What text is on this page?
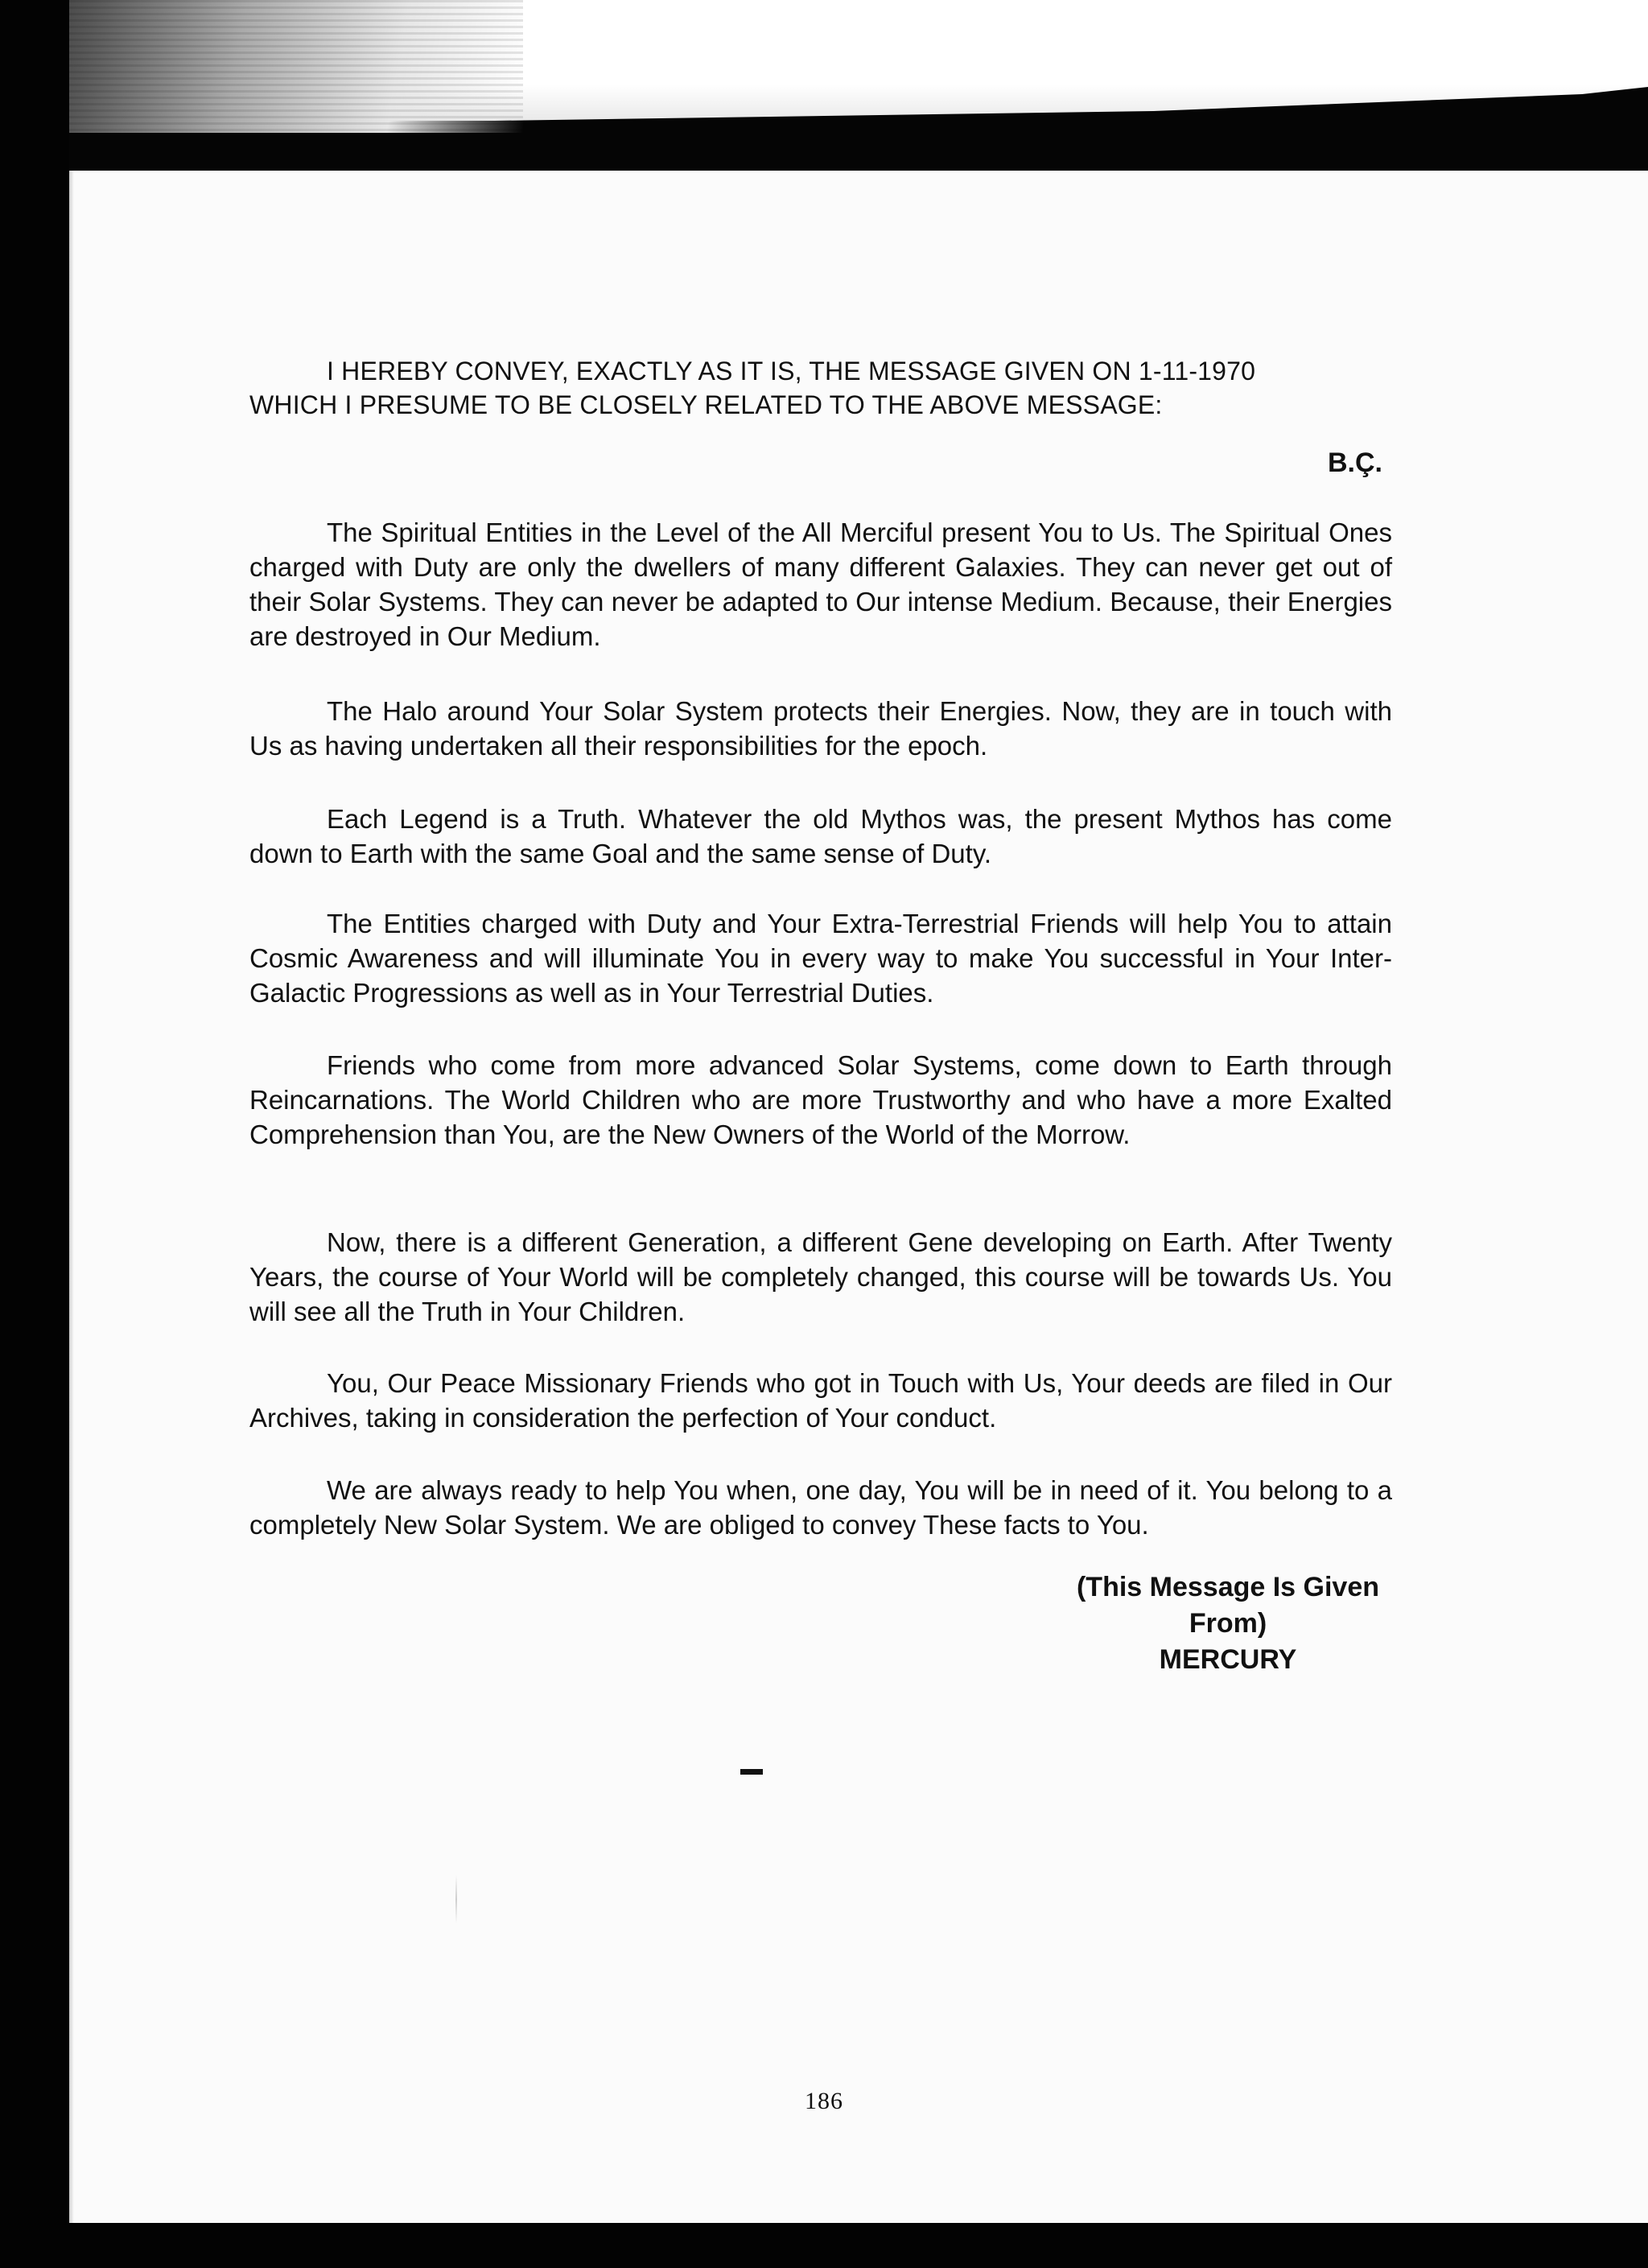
I HEREBY CONVEY, EXACTLY AS IT IS, THE MESSAGE GIVEN ON 1-11-1970
WHICH I PRESUME TO BE CLOSELY RELATED TO THE ABOVE MESSAGE:
B.Ç.

The Spiritual Entities in the Level of the All Merciful present You to Us. The Spiritual Ones charged with Duty are only the dwellers of many different Galaxies. They can never get out of their Solar Systems. They can never be adapted to Our intense Medium. Because, their Energies are destroyed in Our Medium.

The Halo around Your Solar System protects their Energies. Now, they are in touch with Us as having undertaken all their responsibilities for the epoch.

Each Legend is a Truth. Whatever the old Mythos was, the present Mythos has come down to Earth with the same Goal and the same sense of Duty.

The Entities charged with Duty and Your Extra-Terrestrial Friends will help You to attain Cosmic Awareness and will illuminate You in every way to make You successful in Your Inter-Galactic Progressions as well as in Your Terrestrial Duties.

Friends who come from more advanced Solar Systems, come down to Earth through Reincarnations. The World Children who are more Trustworthy and who have a more Exalted Comprehension than You, are the New Owners of the World of the Morrow.

Now, there is a different Generation, a different Gene developing on Earth. After Twenty Years, the course of Your World will be completely changed, this course will be towards Us. You will see all the Truth in Your Children.

You, Our Peace Missionary Friends who got in Touch with Us, Your deeds are filed in Our Archives, taking in consideration the perfection of Your conduct.

We are always ready to help You when, one day, You will be in need of it. You belong to a completely New Solar System. We are obliged to convey These facts to You.

(This Message Is Given From)
MERCURY
186
